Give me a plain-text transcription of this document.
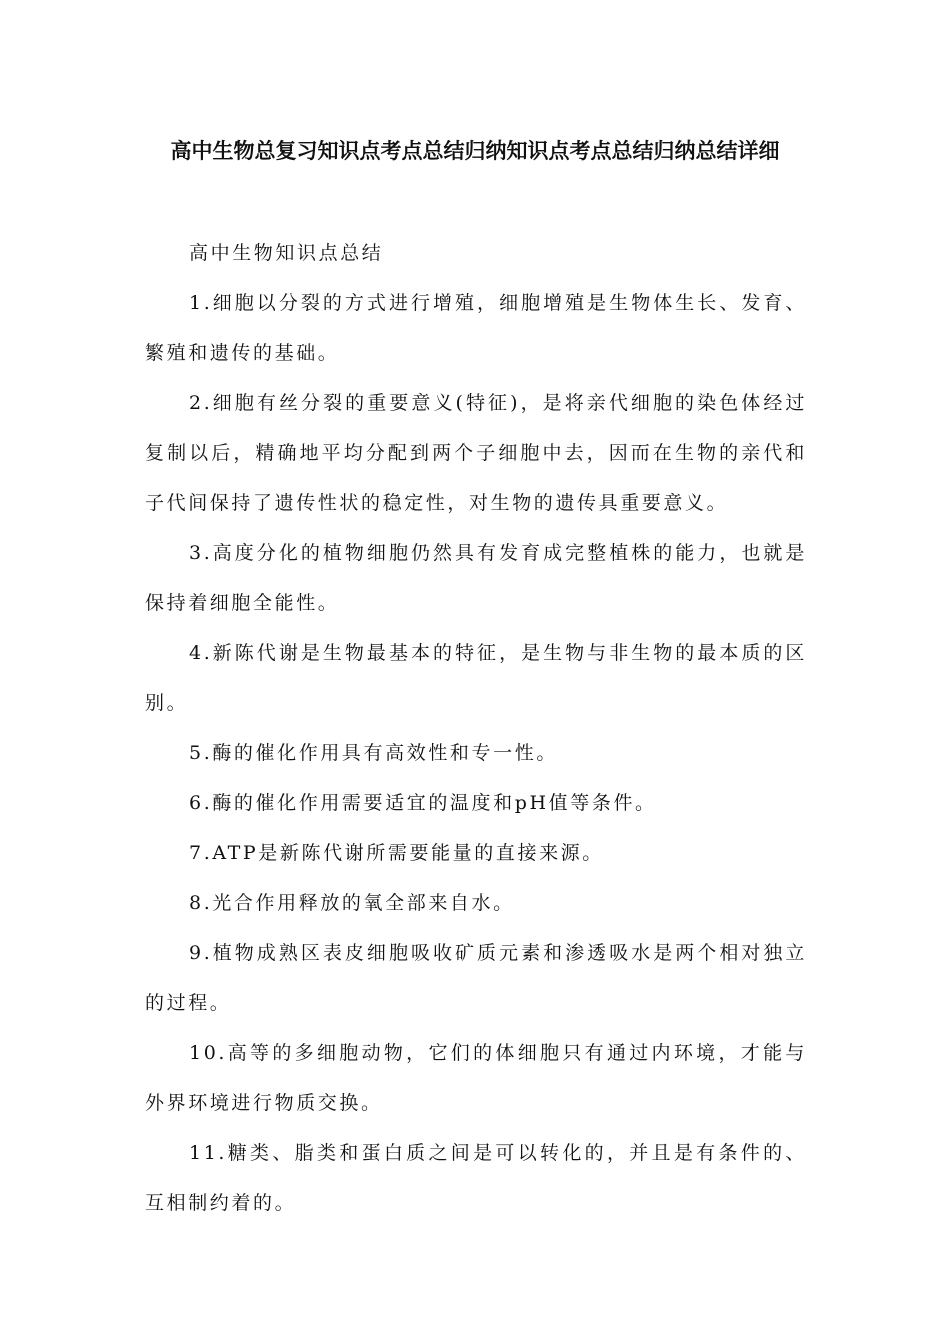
高中生物总复习知识点考点总结归纳知识点考点总结归纳总结详细

高中生物知识点总结

1.细胞以分裂的方式进行增殖，细胞增殖是生物体生长、发育、繁殖和遗传的基础。

2.细胞有丝分裂的重要意义(特征)，是将亲代细胞的染色体经过复制以后，精确地平均分配到两个子细胞中去，因而在生物的亲代和子代间保持了遗传性状的稳定性，对生物的遗传具重要意义。

3.高度分化的植物细胞仍然具有发育成完整植株的能力，也就是保持着细胞全能性。

4.新陈代谢是生物最基本的特征，是生物与非生物的最本质的区别。

5.酶的催化作用具有高效性和专一性。

6.酶的催化作用需要适宜的温度和pH值等条件。

7.ATP是新陈代谢所需要能量的直接来源。

8.光合作用释放的氧全部来自水。

9.植物成熟区表皮细胞吸收矿质元素和渗透吸水是两个相对独立的过程。

10.高等的多细胞动物，它们的体细胞只有通过内环境，才能与外界环境进行物质交换。

11.糖类、脂类和蛋白质之间是可以转化的，并且是有条件的、互相制约着的。
